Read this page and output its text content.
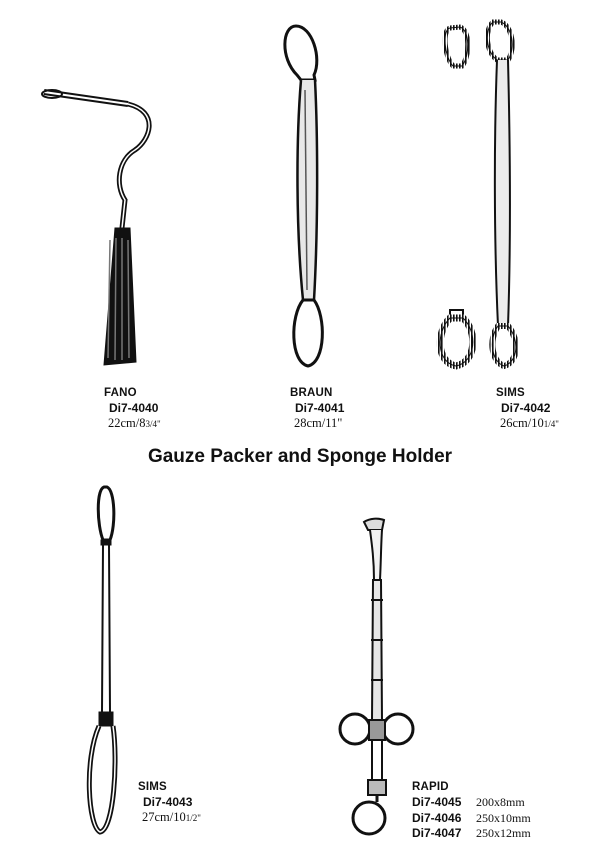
FANO
Di7-4040
22cm/83/4"
BRAUN
Di7-4041
28cm/11"
SIMS
Di7-4042
26cm/101/4"
Gauze Packer and Sponge Holder
SIMS
Di7-4043
27cm/101/2"
RAPID
Di7-4045 200x8mm
Di7-4046 250x10mm
Di7-4047 250x12mm
